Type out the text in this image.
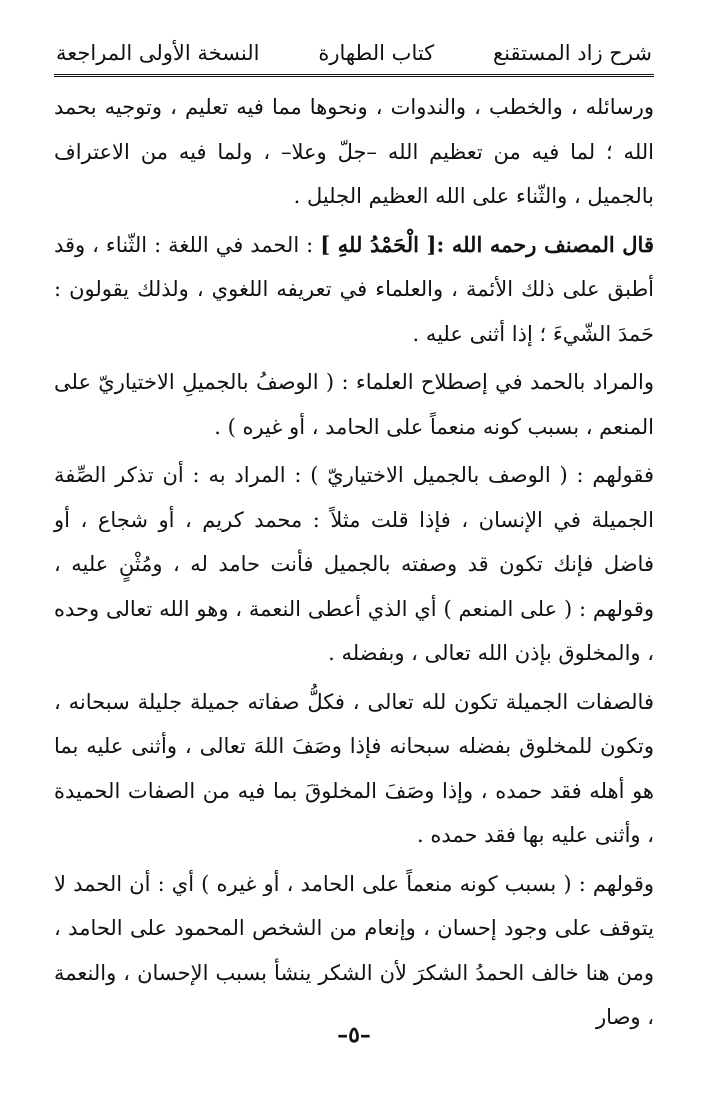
شرح زاد المستقنع
كتاب الطهارة
النسخة الأولى المراجعة

ورسائله ، والخطب ، والندوات ، ونحوها مما فيه تعليم ، وتوجيه بحمد الله ؛ لما فيه من تعظيم الله –جلّ وعلا– ، ولما فيه من الاعتراف بالجميل ، والثّناء على الله العظيم الجليل .

قال المصنف رحمه الله :[ الْحَمْدُ للهِ ] : الحمد في اللغة : الثّناء ، وقد أطبق على ذلك الأئمة ، والعلماء في تعريفه اللغوي ، ولذلك يقولون : حَمدَ الشّيءَ ؛ إذا أثنى عليه .

والمراد بالحمد في إصطلاح العلماء : ( الوصفُ بالجميلِ الاختياريّ على المنعم ، بسبب كونه منعماً على الحامد ، أو غيره ) .

فقولهم : ( الوصف بالجميل الاختياريّ ) : المراد به : أن تذكر الصِّفة الجميلة في الإنسان ، فإذا قلت مثلاً : محمد كريم ، أو شجاع ، أو فاضل فإنك تكون قد وصفته بالجميل فأنت حامد له ، ومُثْنٍ عليه ، وقولهم : ( على المنعم ) أي الذي أعطى النعمة ، وهو الله تعالى وحده ، والمخلوق بإذن الله تعالى ، وبفضله .

فالصفات الجميلة تكون لله تعالى ، فكلُّ صفاته جميلة جليلة سبحانه ، وتكون للمخلوق بفضله سبحانه فإذا وصَفَ اللهَ تعالى ، وأثنى عليه بما هو أهله فقد حمده ، وإذا وصَفَ المخلوقَ بما فيه من الصفات الحميدة ، وأثنى عليه بها فقد حمده .

وقولهم : ( بسبب كونه منعماً على الحامد ، أو غيره ) أي : أن الحمد لا يتوقف على وجود إحسان ، وإنعام من الشخص المحمود على الحامد ، ومن هنا خالف الحمدُ الشكرَ لأن الشكر ينشأ بسبب الإحسان ، والنعمة ، وصار

–٥–
